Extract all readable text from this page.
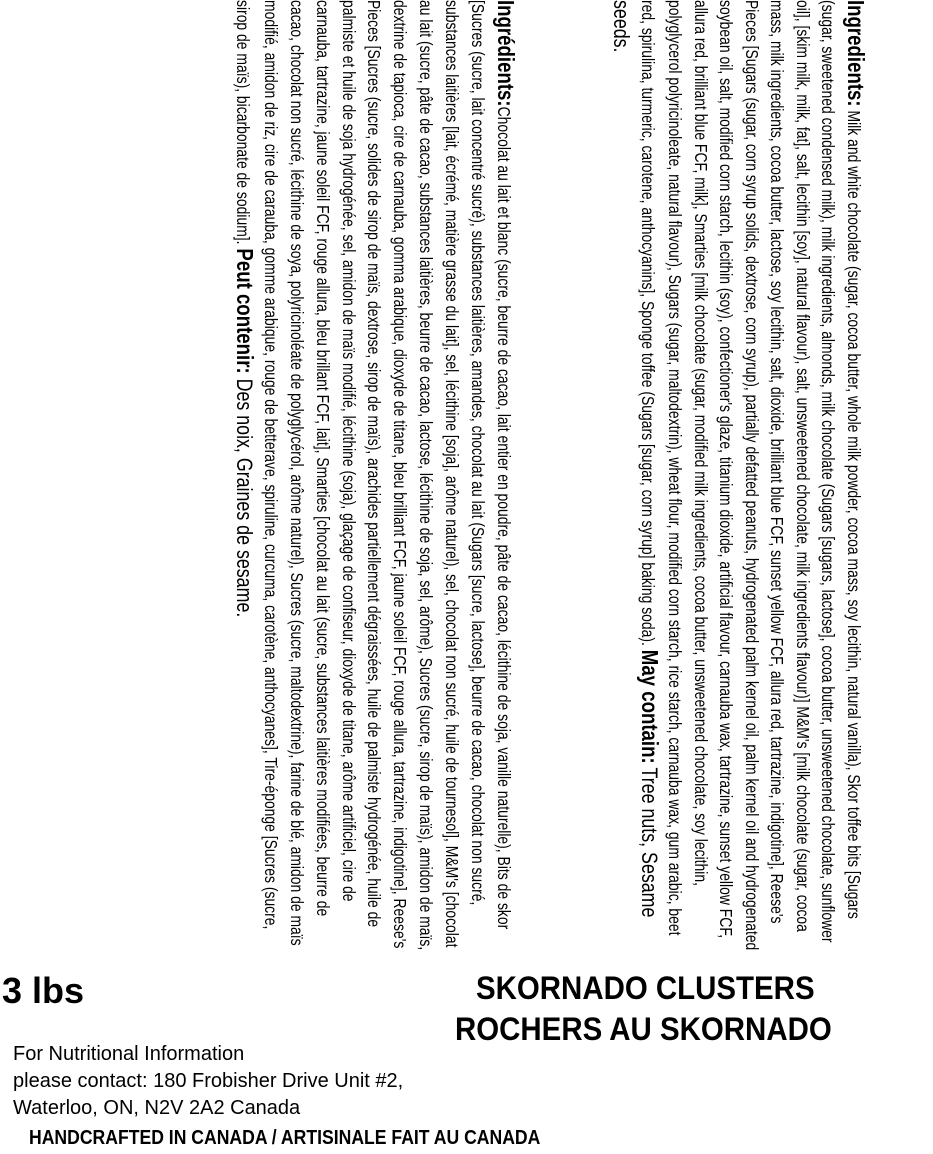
Ingredients: Milk and white chocolate (sugar, cocoa butter, whole milk powder, cocoa mass, soy lecithin, natural vanilla), Skor toffee bits [Sugars (sugar, sweetened condensed milk), milk ingredients, almonds, milk chocolate (Sugars [sugars, lactose], cocoa butter, unsweetened chocolate, sunflower oil], [skim milk, milk, fat], salt, lecithin [soy], natural flavour), salt, unsweetened chocolate, milk ingredients flavour)] M&M's [milk chocolate (sugar, cocoa mass, milk ingredients, cocoa butter, lactose, soy lecithin, salt, dioxide, brilliant blue FCF, sunset yellow FCF, allura red, tartrazine, indigotine], Reese's Pieces [Sugars (sugar, corn syrup solids, dextrose, corn syrup), partially defatted peanuts, hydrogenated palm kernel oil, palm kernel oil and hydrogenated soybean oil, salt, modified corn starch, lecithin (soy), confectioner's glaze, titanium dioxide, artificial flavour, carnauba wax, tartrazine, sunset yellow FCF, allura red, brilliant blue FCF, milk], Smarties [milk chocolate (sugar, modified milk ingredients, cocoa butter, unsweetened chocolate, soy lecithin, polyglycerol polyricinoleate, natural flavour), Sugars (sugar, maltodextrin), wheat flour, modified corn starch, rice starch, carnauba wax, gum arabic, beet red, spirulina, turmeric, carotene, anthocyanins], Sponge toffee (Sugars [sugar, corn syrup] baking soda). May contain: Tree nuts, Sesame seeds.

Ingrédients:Chocolat au lait et blanc (sucre, beurre de cacao, lait entier en poudre, pâte de cacao, lécithine de soja, vanille naturelle), Bits de skor [Sucres (sucre, lait concentré sucré), substances laitières, amandes, chocolat au lait (Sugars [sucre, lactose], beurre de cacao, chocolat non sucré, substances laitières [lait, écrémé, matière grasse du lait], sel, lécithine [soja], arôme naturel), sel, chocolat non sucré, huile de tournesol], M&M's [chocolat au lait (sucre, pâte de cacao, substances laitières, beurre de cacao, lactose, lécithine de soja, sel, arôme), Sucres (sucre, sirop de maïs), amidon de maïs, dextrine de tapioca, cire de carnauba, gomma arabique, dioxyde de titane, bleu brilliant FCF, jaune soleil FCF, rouge allura, tartrazine, indigotine], Reese's Pieces [Sucres (sucre, solides de sirop de maïs, dextrose, sirop de maïs), arachides partiellement dégraissées, huile de palmiste hydrogénée, huile de palmiste et huile de soja hydrogénée, sel, amidon de maïs modifié, lécithine (soja), glaçage de confiseur, dioxyde de titane, arôme artificiel, cire de carnauba, tartrazine, jaune soleil FCF, rouge allura, bleu brillant FCF, lait], Smarties [chocolat au lait (sucre, substances laitières modifiées, beurre de cacao, chocolat non sucré, lécithine de soya, polyricinoléate de polyglycérol, arôme naturel), Sucres (sucre, maltodextrine), farine de blé, amidon de maïs modifié, amidon de riz, cire de carauba, gomme arabique, rouge de betterave, spiruline, curcuma, carotène, anthocyanes], Tire-éponge [Sucres (sucre, sirop de maïs), bicarbonate de sodium]. Peut contenir: Des noix, Graines de sesame.

3 lbs	SKORNADO CLUSTERS
ROCHERS AU SKORNADO
For Nutritional Information
please contact: 180 Frobisher Drive Unit #2,
Waterloo, ON, N2V 2A2 Canada
HANDCRAFTED IN CANADA / ARTISINALE FAIT AU CANADA
